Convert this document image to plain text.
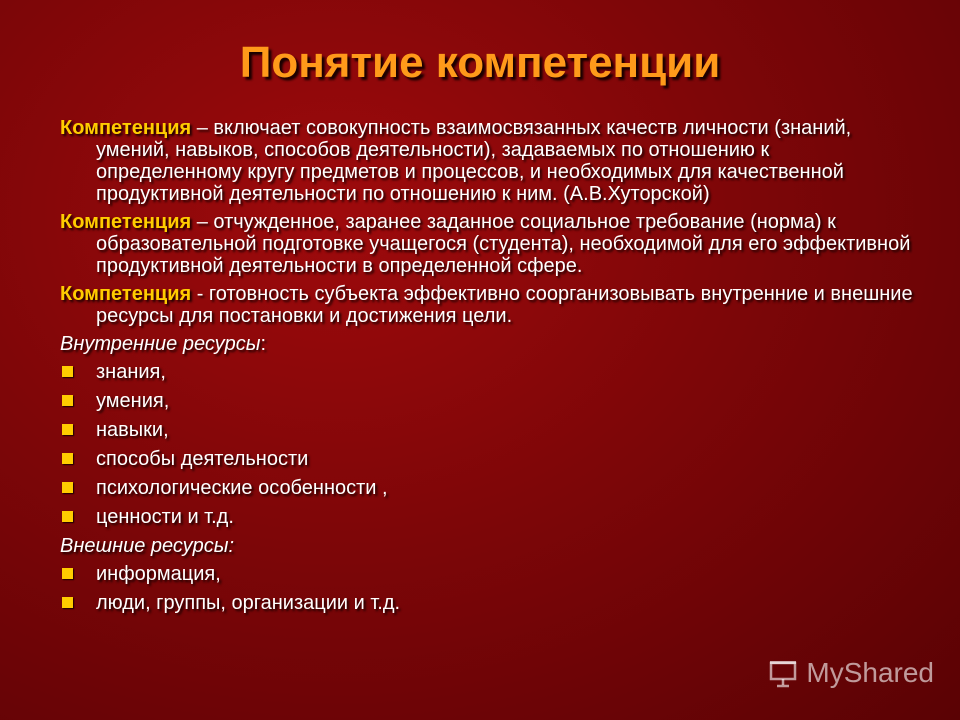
Понятие компетенции

Компетенция – включает совокупность взаимосвязанных качеств личности (знаний, умений, навыков, способов деятельности), задаваемых по отношению к определенному кругу предметов и процессов, и необходимых для качественной продуктивной деятельности по отношению к ним. (А.В.Хуторской)

Компетенция – отчужденное, заранее заданное социальное требование (норма) к образовательной подготовке учащегося (студента), необходимой для его эффективной продуктивной деятельности в определенной сфере.

Компетенция - готовность субъекта эффективно соорганизовывать внутренние и внешние ресурсы для постановки и достижения цели.

Внутренние ресурсы:

знания,
умения,
навыки,
способы деятельности
психологические особенности ,
ценности и т.д.

Внешние ресурсы:

информация,
люди, группы, организации и т.д.
MyShared
